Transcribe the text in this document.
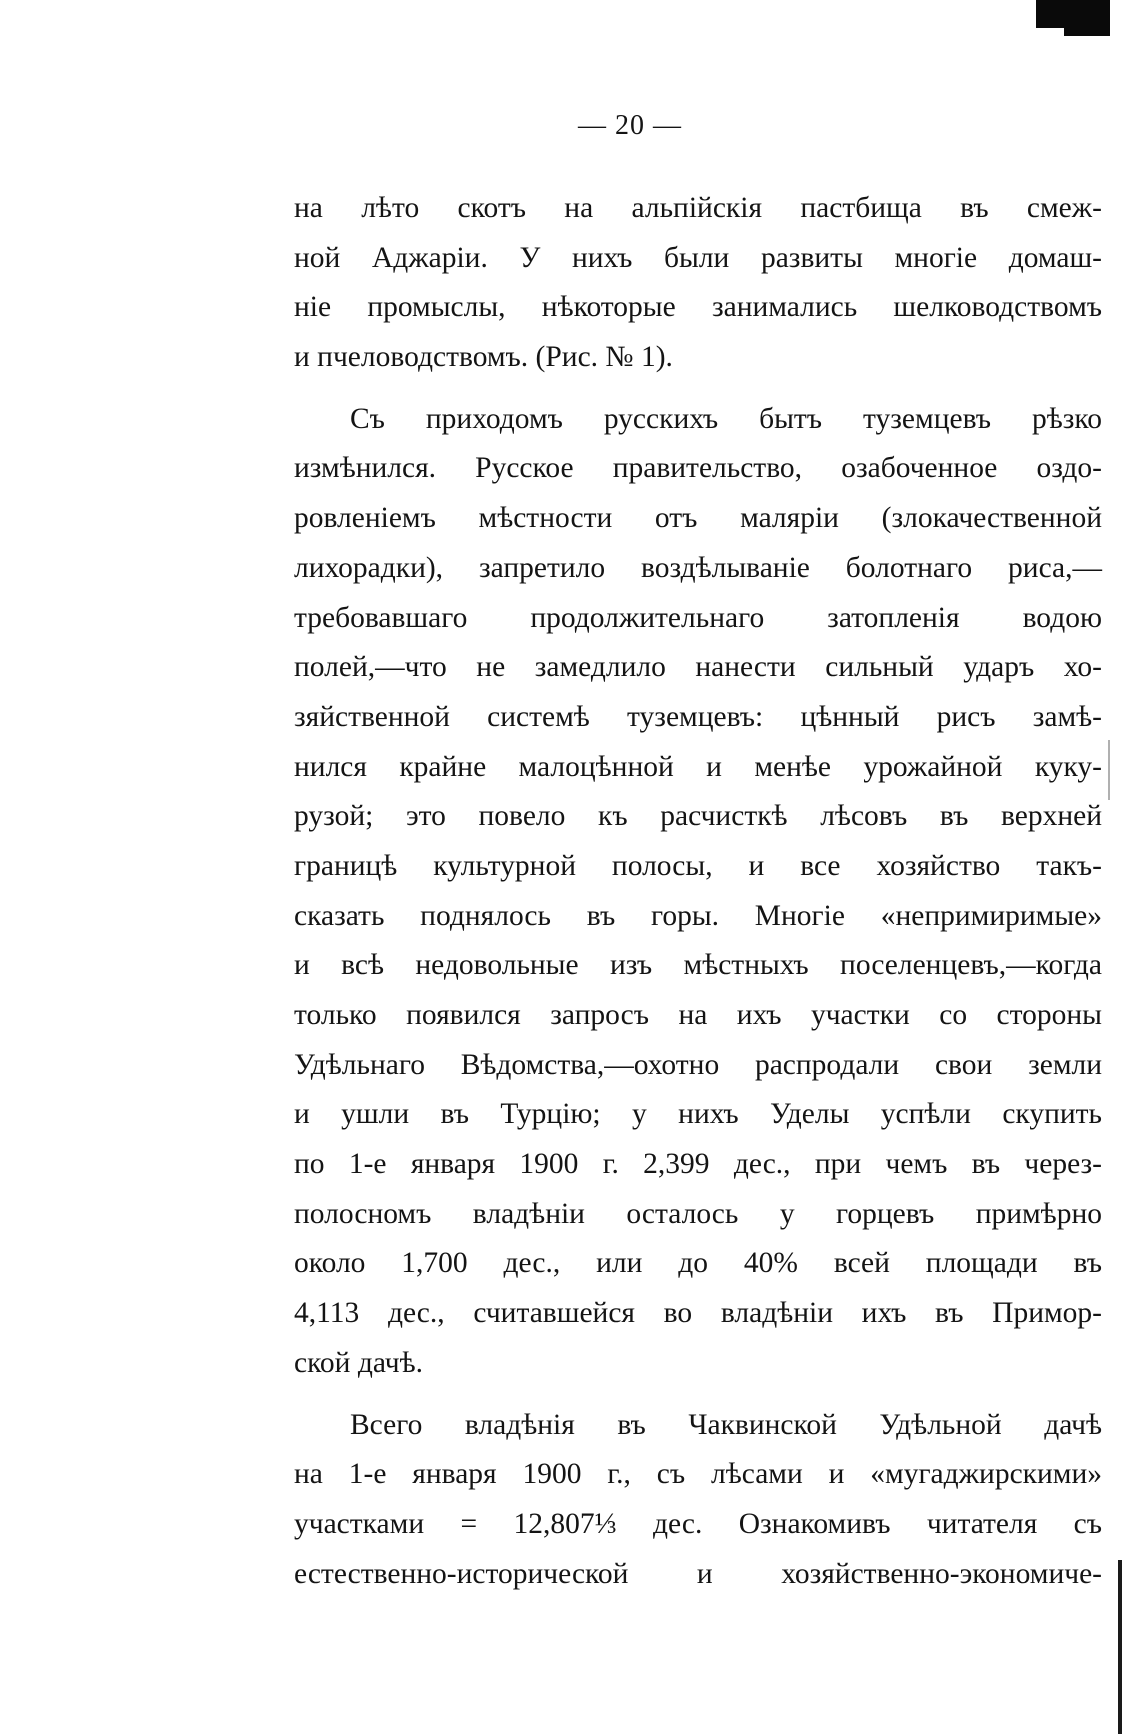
— 20 —
на лѣто скотъ на альпійскія пастбища въ смеж-
ной Аджаріи. У нихъ были развиты многіе домаш-
ніе промыслы, нѣкоторые занимались шелководствомъ
и пчеловодствомъ. (Рис. № 1).
Съ приходомъ русскихъ бытъ туземцевъ рѣзко
измѣнился. Русское правительство, озабоченное оздо-
ровленіемъ мѣстности отъ маляріи (злокачественной
лихорадки), запретило воздѣлываніе болотнаго риса,—
требовавшаго продолжительнаго затопленія водою
полей,—что не замедлило нанести сильный ударъ хо-
зяйственной системѣ туземцевъ: цѣнный рисъ замѣ-
нился крайне малоцѣнной и менѣе урожайной куку-
рузой; это повело къ расчисткѣ лѣсовъ въ верхней
границѣ культурной полосы, и все хозяйство такъ-
сказать поднялось въ горы. Многіе «непримиримые»
и всѣ недовольные изъ мѣстныхъ поселенцевъ,—когда
только появился запросъ на ихъ участки со стороны
Удѣльнаго Вѣдомства,—охотно распродали свои земли
и ушли въ Турцію; у нихъ Уделы успѣли скупить
по 1-е января 1900 г. 2,399 дес., при чемъ въ через-
полосномъ владѣніи осталось у горцевъ примѣрно
около 1,700 дес., или до 40% всей площади въ
4,113 дес., считавшейся во владѣніи ихъ въ Примор-
ской дачѣ.
Всего владѣнія въ Чаквинской Удѣльной дачѣ
на 1-е января 1900 г., съ лѣсами и «мугаджирскими»
участками = 12,807⅓ дес. Ознакомивъ читателя съ
естественно-исторической и хозяйственно-экономиче-
